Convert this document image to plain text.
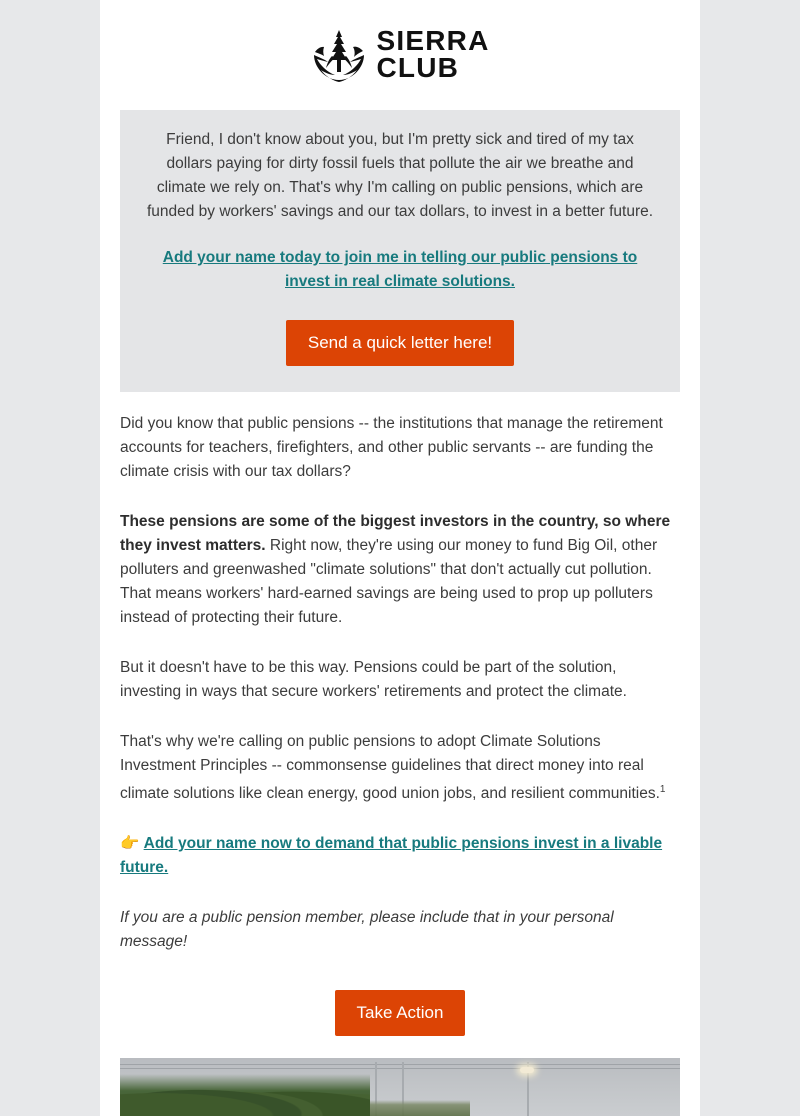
SIERRA
CLUB

Friend, I don't know about you, but I'm pretty sick and tired of my tax dollars paying for dirty fossil fuels that pollute the air we breathe and climate we rely on. That's why I'm calling on public pensions, which are funded by workers' savings and our tax dollars, to invest in a better future.

Add your name today to join me in telling our public pensions to invest in real climate solutions.
Send a quick letter here!

Did you know that public pensions -- the institutions that manage the retirement accounts for teachers, firefighters, and other public servants -- are funding the climate crisis with our tax dollars?

These pensions are some of the biggest investors in the country, so where they invest matters. Right now, they're using our money to fund Big Oil, other polluters and greenwashed "climate solutions" that don't actually cut pollution. That means workers' hard-earned savings are being used to prop up polluters instead of protecting their future.

But it doesn't have to be this way. Pensions could be part of the solution, investing in ways that secure workers' retirements and protect the climate.

That's why we're calling on public pensions to adopt Climate Solutions Investment Principles -- commonsense guidelines that direct money into real climate solutions like clean energy, good union jobs, and resilient communities.$^1$

👉 Add your name now to demand that public pensions invest in a livable future.

If you are a public pension member, please include that in your personal message!

Take Action
